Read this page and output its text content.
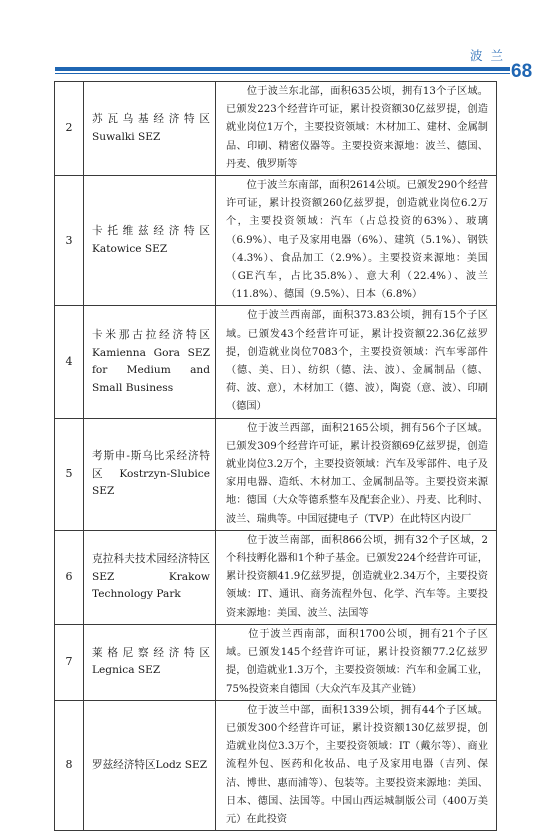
波 兰
68
2	苏瓦乌基经济特区Suwalki SEZ	　　位于波兰东北部，面积635公顷，拥有13个子区域。已颁发223个经营许可证，累计投资额30亿兹罗提，创造就业岗位1万个，主要投资领域：木材加工、建材、金属制品、印刷、精密仪器等。主要投资来源地：波兰、德国、丹麦、俄罗斯等
3	卡托维兹经济特区Katowice SEZ	　　位于波兰东南部，面积2614公顷。已颁发290个经营许可证，累计投资额260亿兹罗提，创造就业岗位6.2万个，主要投资领域：汽车（占总投资的63%）、玻璃（6.9%）、电子及家用电器（6%）、建筑（5.1%）、钢铁（4.3%）、食品加工（2.9%）。主要投资来源地：美国（GE汽车，占比35.8%）、意大利（22.4%）、波兰（11.8%）、德国（9.5%）、日本（6.8%）
4	卡米那古拉经济特区Kamienna Gora SEZ for Medium and Small Business	　　位于波兰西南部，面积373.83公顷，拥有15个子区域。已颁发43个经营许可证，累计投资额22.36亿兹罗提，创造就业岗位7083个，主要投资领域：汽车零部件（德、美、日）、纺织（德、法、波）、金属制品（德、荷、波、意），木材加工（德、波），陶瓷（意、波）、印刷（德国）
5	考斯申-斯乌比采经济特区Kostrzyn-Slubice SEZ	　　位于波兰西部，面积2165公顷，拥有56个子区域。已颁发309个经营许可证，累计投资额69亿兹罗提，创造就业岗位3.2万个，主要投资领域：汽车及零部件、电子及家用电器、造纸、木材加工、金属制品等。主要投资来源地：德国（大众等德系整车及配套企业）、丹麦、比利时、波兰、瑞典等。中国冠捷电子（TVP）在此特区内设厂
6	克拉科夫技术园经济特区SEZ Krakow Technology Park	　　位于波兰南部，面积866公顷，拥有32个子区域，2个科技孵化器和1个种子基金。已颁发224个经营许可证，累计投资额41.9亿兹罗提，创造就业2.34万个，主要投资领域：IT、通讯、商务流程外包、化学、汽车等。主要投资来源地：美国、波兰、法国等
7	莱格尼察经济特区Legnica SEZ	　　位于波兰西南部，面积1700公顷，拥有21个子区域。已颁发145个经营许可证，累计投资额77.2亿兹罗提，创造就业1.3万个，主要投资领域：汽车和金属工业，75%投资来自德国（大众汽车及其产业链）
8	罗兹经济特区Lodz SEZ	　　位于波兰中部，面积1339公顷，拥有44个子区域。已颁发300个经营许可证，累计投资额130亿兹罗提，创造就业岗位3.3万个，主要投资领域：IT（戴尔等）、商业流程外包、医药和化妆品、电子及家用电器（吉列、保洁、博世、惠而浦等）、包装等。主要投资来源地：美国、日本、德国、法国等。中国山西运城制版公司（400万美元）在此投资
